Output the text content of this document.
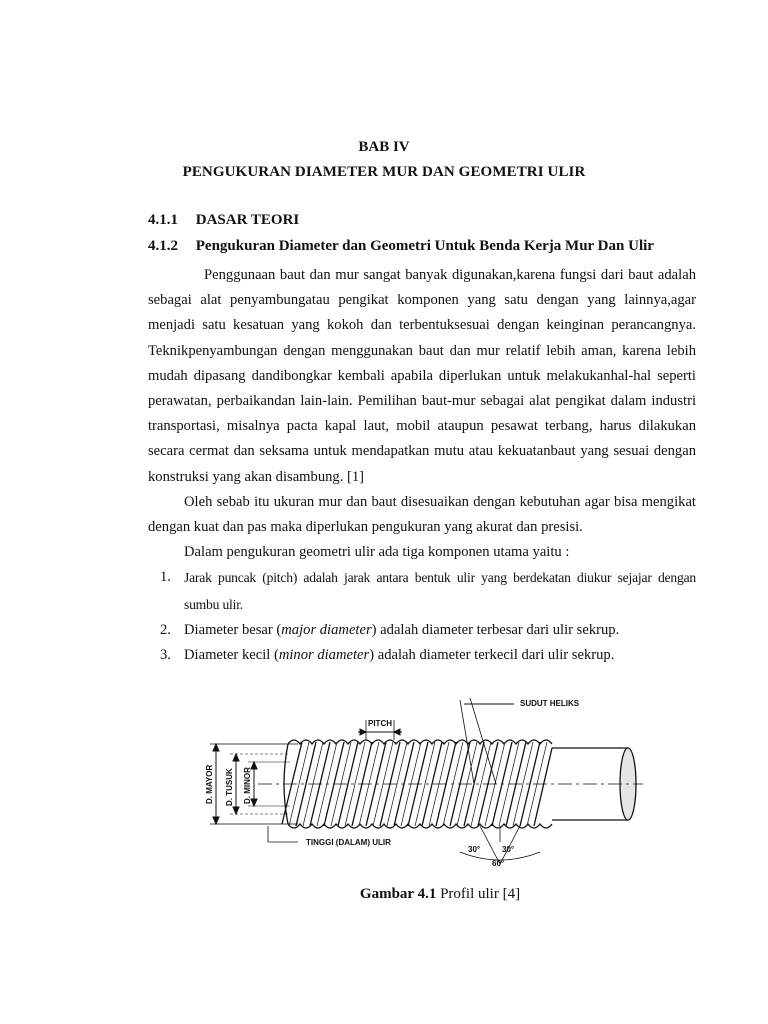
BAB IV
PENGUKURAN DIAMETER MUR DAN GEOMETRI ULIR
4.1.1 DASAR TEORI
4.1.2 Pengukuran Diameter dan Geometri Untuk Benda Kerja Mur Dan Ulir

Penggunaan baut dan mur sangat banyak digunakan,karena fungsi dari baut adalah sebagai alat penyambungatau pengikat komponen yang satu dengan yang lainnya,agar menjadi satu kesatuan yang kokoh dan terbentuksesuai dengan keinginan perancangnya. Teknikpenyambungan dengan menggunakan baut dan mur relatif lebih aman, karena lebih mudah dipasang dandibongkar kembali apabila diperlukan untuk melakukanhal-hal seperti perawatan, perbaikandan lain-lain. Pemilihan baut-mur sebagai alat pengikat dalam industri transportasi, misalnya pacta kapal laut, mobil ataupun pesawat terbang, harus dilakukan secara cermat dan seksama untuk mendapatkan mutu atau kekuatanbaut yang sesuai dengan konstruksi yang akan disambung. [1]

Oleh sebab itu ukuran mur dan baut disesuaikan dengan kebutuhan agar bisa mengikat dengan kuat dan pas maka diperlukan pengukuran yang akurat dan presisi.

Dalam pengukuran geometri ulir ada tiga komponen utama yaitu :

1. Jarak puncak (pitch) adalah jarak antara bentuk ulir yang berdekatan diukur sejajar dengan sumbu ulir.
2. Diameter besar (major diameter) adalah diameter terbesar dari ulir sekrup.
3. Diameter kecil (minor diameter) adalah diameter terkecil dari ulir sekrup.
SUDUT HELIKS
PITCH
D. MAYOR D. TUSUK D. MINOR
TINGGI (DALAM) ULIR
30°	30°
60°
Gambar 4.1 Profil ulir [4]
